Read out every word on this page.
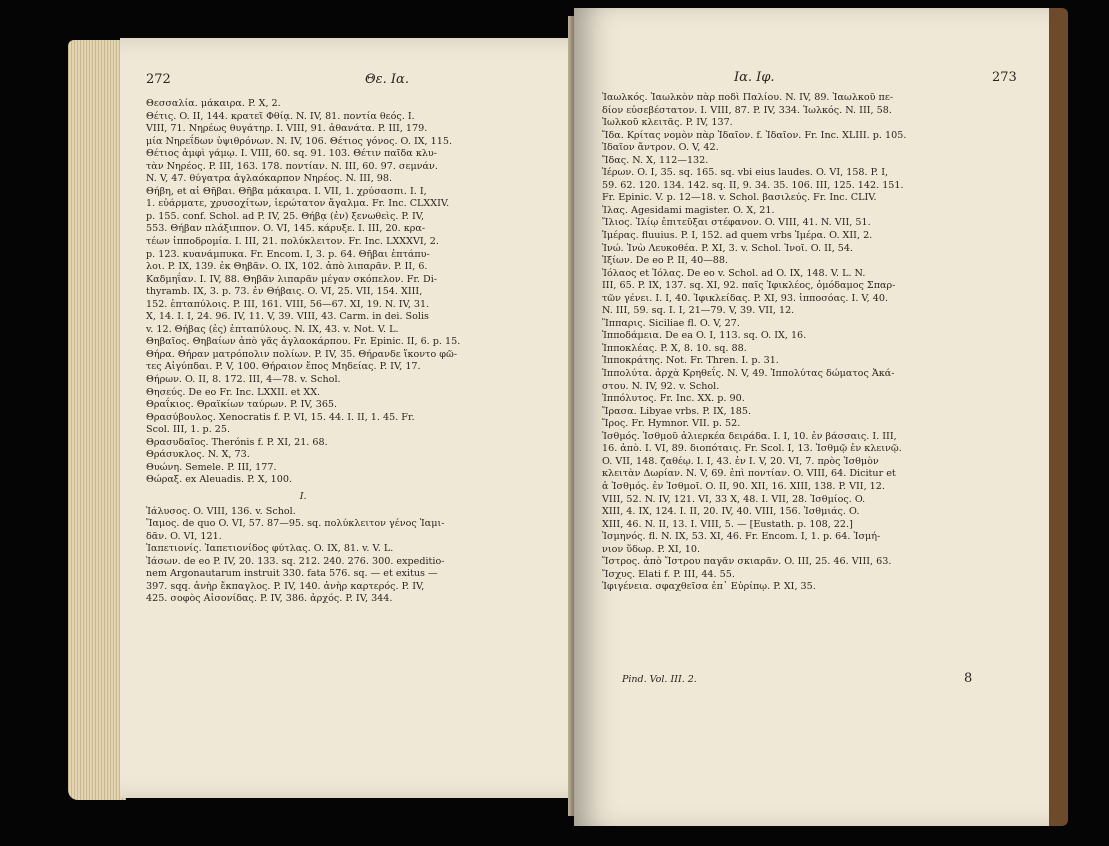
272	Θε. Ια.

Θεσσαλία. μάκαιρα. P. X, 2.

Θέτις. O. II, 144. κρατεῖ Φθίᾳ. N. IV, 81. ποντία θεός. I.

VIII, 71. Νηρέως θυγάτηρ. I. VIII, 91. ἀθανάτα. P. III, 179.

μία Νηρεΐδων ὑψιθρόνων. N. IV, 106. Θέτιος γόνος. O. IX, 115.

Θέτιος ἀμφὶ γάμῳ. I. VIII, 60. sq. 91. 103. Θέτιν παῖδα κλυ-

τὰν Νηρέος. P. III, 163. 178. ποντίαν. N. III, 60. 97. σεμνάν.

N. V, 47. θύγατρα ἀγλαόκαρπον Νηρέος. N. III, 98.

Θήβη, et αἱ Θῆβαι. Θῆβα μάκαιρα. I. VII, 1. χρύσασπι. I. I,

1. εὐάρματε, χρυσοχίτων, ἱερώτατον ἄγαλμα. Fr. Inc. CLXXIV.

p. 155. conf. Schol. ad P. IV, 25. Θήβᾳ (ἐν) ξενωθεὶς. P. IV,

553. Θήβαν πλάξιππον. O. VI, 145. κάρυξε. I. III, 20. κρα-

τέων ἱπποδρομία. I. III, 21. πολύκλειτον. Fr. Inc. LXXXVI, 2.

p. 123. κυανάμπυκα. Fr. Encom. I, 3. p. 64. Θῆβαι ἑπτάπυ-

λοι. P. IX, 139. ἐκ Θηβᾶν. O. IX, 102. ἀπὸ λιπαρᾶν. P. II, 6.

Καδμηΐαν. I. IV, 88. Θηβᾶν λιπαρᾶν μέγαν σκόπελον. Fr. Di-

thyramb. IX, 3. p. 73. ἐν Θήβαις. O. VI, 25. VII, 154. XIII,

152. ἑπταπύλοις. P. III, 161. VIII, 56—67. XI, 19. N. IV, 31.

X, 14. I. I, 24. 96. IV, 11. V, 39. VIII, 43. Carm. in dei. Solis

v. 12. Θήβας (ἐς) ἑπταπύλους. N. IX, 43. v. Not. V. L.

Θηβαῖος. Θηβαίων ἀπὸ γᾶς ἀγλαοκάρπου. Fr. Epinic. II, 6. p. 15.

Θήρα. Θήραν ματρόπολιν πολίων. P. IV, 35. Θήρανδε ἵκοντο φῶ-

τες Αἰγύπδαι. P. V, 100. Θήραιον ἔπος Μηδείας. P. IV, 17.

Θήρων. O. II, 8. 172. III, 4—78. v. Schol.

Θησεύς. De eo Fr. Inc. LXXII. et XX.

Θραΐκιος. Θραϊκίων ταύρων. P. IV, 365.

Θρασύβουλος. Xenocratis f. P. VI, 15. 44. I. II, 1. 45. Fr.

Scol. III, 1. p. 25.

Θρασυδαῖος. Therónis f. P. XI, 21. 68.

Θράσυκλος. N. X, 73.

Θυώνη. Semele. P. III, 177.

Θώραξ. ex Aleuadis. P. X, 100.

I.

Ἰάλυσος. O. VIII, 136. v. Schol.

Ἴαμος. de quo O. VI, 57. 87—95. sq. πολύκλειτον γένος Ἰαμι-

δᾶν. O. VI, 121.

Ἰαπετιονίς. Ἰαπετιονίδος φύτλας. O. IX, 81. v. V. L.

Ἰάσων. de eo P. IV, 20. 133. sq. 212. 240. 276. 300. expeditio-

nem Argonautarum instruit 330. fata 576. sq. — et exitus —

397. sqq. ἀνὴρ ἔκπαγλος. P. IV, 140. ἀνὴρ καρτερός. P. IV,

425. σοφὸς Αἰσονίδας. P. IV, 386. ἀρχός. P. IV, 344.

Ια. Ιφ.	273

Ἰαωλκός. Ἰαωλκὸν πὰρ ποδὶ Παλίου. N. IV, 89. Ἰαωλκοῦ πε-

δίον εὐσεβέστατον. I. VIII, 87. P. IV, 334. Ἰωλκός. N. III, 58.

Ἰωλκοῦ κλειτᾶς. P. IV, 137.

Ἴδα. Κρίτας νομὸν πὰρ Ἰδαῖον. f. Ἰδαῖον. Fr. Inc. XLIII. p. 105.

Ἰδαῖον ἄντρον. O. V, 42.

Ἴδας. N. X, 112—132.

Ἱέρων. O. I, 35. sq. 165. sq. vbi eius laudes. O. VI, 158. P. I,

59. 62. 120. 134. 142. sq. II, 9. 34. 35. 106. III, 125. 142. 151.

Fr. Epinic. V. p. 12—18. v. Schol. βασιλεύς. Fr. Inc. CLIV.

Ἰλας. Agesidami magister. O. X, 21.

Ἴλιος. Ἰλίῳ ἐπιτεῦξαι στέφανον. O. VIII, 41. N. VII, 51.

Ἱμέρας. fluuius. P. I, 152. ad quem vrbs Ἱμέρα. O. XII, 2.

Ἰνώ. Ἰνὼ Λευκοθέα. P. XI, 3. v. Schol. Ἰνοῖ. O. II, 54.

Ἰξίων. De eo P. II, 40—88.

Ἰόλαος et Ἰόλας. De eo v. Schol. ad O. IX, 148. V. L. N.

III, 65. P. IX, 137. sq. XI, 92. παῖς Ἰφικλέος, ὁμόδαμος Σπαρ-

τῶν γένει. I. I, 40. Ἰφικλείδας. P. XI, 93. ἱπποσόας. I. V, 40.

N. III, 59. sq. I. I, 21—79. V, 39. VII, 12.

Ἵππαρις. Siciliae fl. O. V, 27.

Ἱπποδάμεια. De ea O. I, 113. sq. O. IX, 16.

Ἱπποκλέας. P. X, 8. 10. sq. 88.

Ἱπποκράτης. Not. Fr. Thren. I. p. 31.

Ἱππολύτα. ἀρχὰ Κρηθεΐς. N. V, 49. Ἱππολύτας δώματος Ἀκά-

στου. N. IV, 92. v. Schol.

Ἱππόλυτος. Fr. Inc. XX. p. 90.

Ἴρασα. Libyae vrbs. P. IX, 185.

Ἴρος. Fr. Hymnor. VII. p. 52.

Ἰσθμός. Ἰσθμοῦ ἀλιερκέα δειράδα. I. I, 10. ἐν βάσσαις. I. III,

16. ἀπὸ. I. VI, 89. διοπόταις. Fr. Scol. I, 13. Ἰσθμῷ ἐν κλεινῷ.

O. VII, 148. ζαθέῳ. I. I, 43. ἐν I. V, 20. VI, 7. πρὸς Ἰσθμὸν

κλειτὰν Δωρίαν. N. V, 69. ἐπὶ ποντίαν. O. VIII, 64. Dicitur et

ἁ Ἰσθμός. ἐν Ἰσθμοῖ. O. II, 90. XII, 16. XIII, 138. P. VII, 12.

VIII, 52. N. IV, 121. VI, 33 X, 48. I. VII, 28. Ἰσθμίος. O.

XIII, 4. IX, 124. I. II, 20. IV, 40. VIII, 156. Ἰσθμιάς. O.

XIII, 46. N. II, 13. I. VIII, 5. — [Eustath. p. 108, 22.]

Ἰσμηνός. fl. N. IX, 53. XI, 46. Fr. Encom. I, 1. p. 64. Ἰσμή-

νιον ὕδωρ. P. XI, 10.

Ἴστρος. ἀπὸ Ἴστρου παγᾶν σκιαρᾶν. O. III, 25. 46. VIII, 63.

Ἴσχυς. Elati f. P. III, 44. 55.

Ἰφιγένεια. σφαχθεῖσα ἐπ᾽ Εὐρίπῳ. P. XI, 35.

Pind. Vol. III. 2.	8
